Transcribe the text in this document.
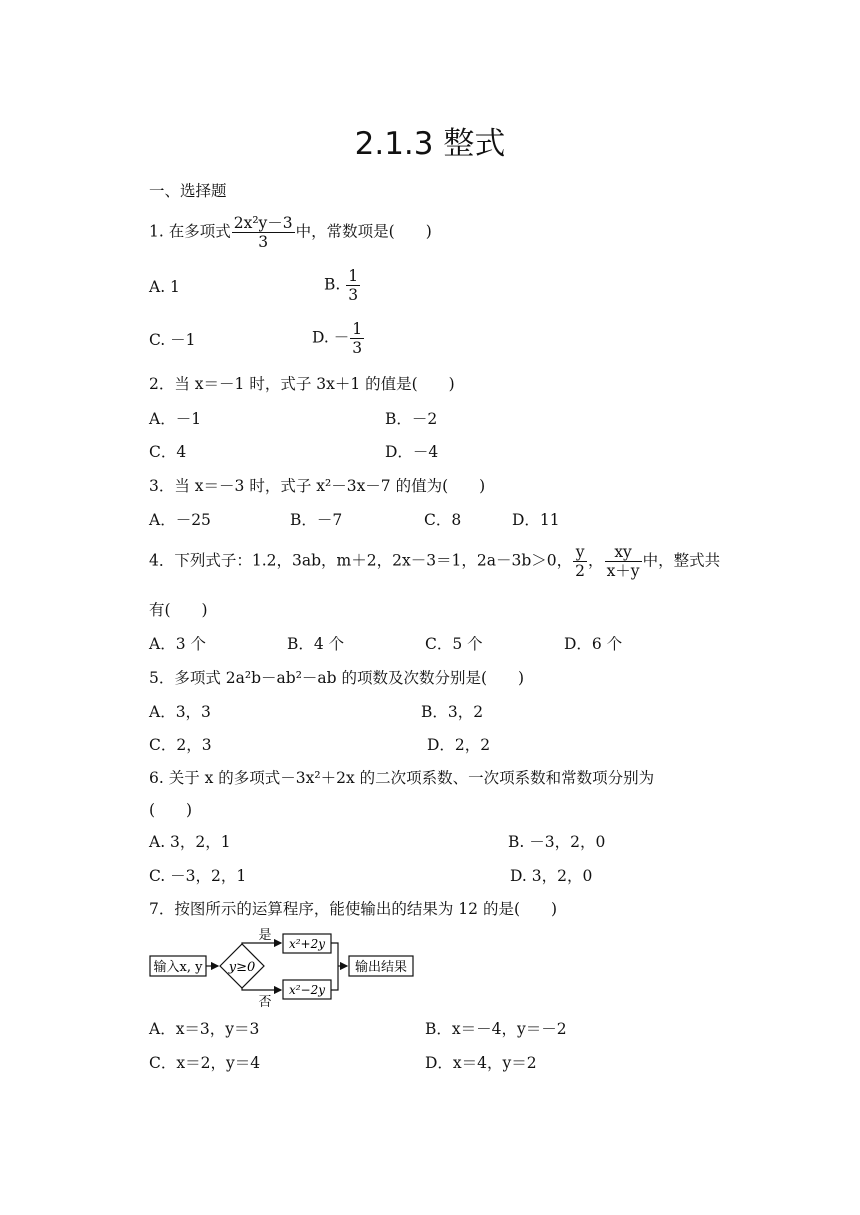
2.1.3 整式
一、选择题
1. 在多项式 $\frac{\text{2x²y－3}}{3}$ 中，常数项是(　　)
A. 1	B. $\frac{1}{3}$
C. －1	D. － $\frac{1}{3}$
2．当 x＝－1 时，式子 3x＋1 的值是(　　)
A．－1	B．－2
C．4	D．－4
3．当 x＝－3 时，式子 x²－3x－7 的值为(　　)
A．－25	B．－7	C．8	D．11
4．下列式子：1.2，3ab，m＋2，2x－3＝1，2a－3b＞0， $\frac{y}{2}$ ， $\frac{xy}{x+y}$ 中，整式共
有(　　)
A．3 个	B．4 个	C．5 个	D．6 个
5．多项式 2a²b－ab²－ab 的项数及次数分别是(　　)
A．3，3	B．3，2
C．2，3	D．2，2
6. 关于 x 的多项式－3x²＋2x 的二次项系数、一次项系数和常数项分别为
(　　)
A. 3，2，1	B. －3，2，0
C. －3，2，1	D. 3，2，0
7．按图所示的运算程序，能使输出的结果为 12 的是(　　)
输入x, y y≥0
是
否
x²+2y
x²−2y
输出结果
A．x＝3，y＝3	B．x＝－4，y＝－2
C．x＝2，y＝4	D．x＝4，y＝2
